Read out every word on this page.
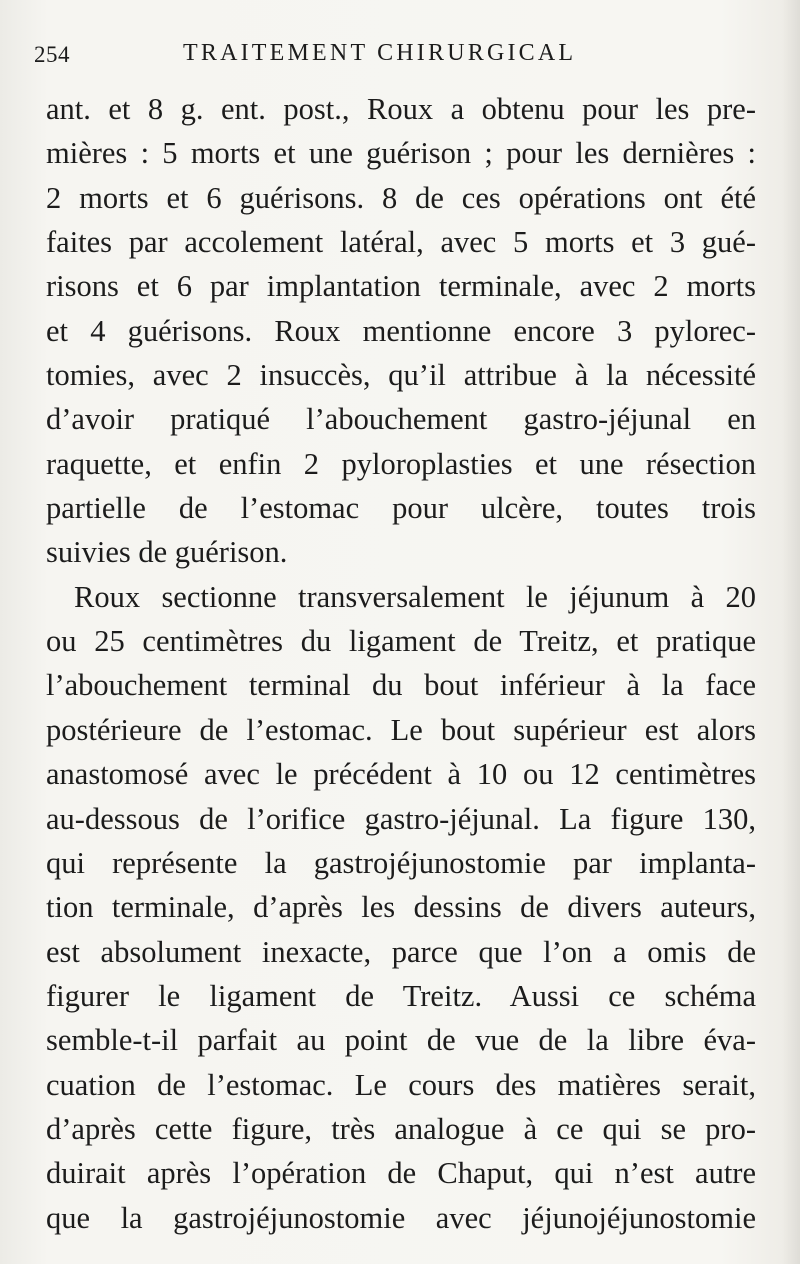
254	TRAITEMENT CHIRURGICAL
ant. et 8 g. ent. post., Roux a obtenu pour les pre-
mières : 5 morts et une guérison ; pour les dernières :
2 morts et 6 guérisons. 8 de ces opérations ont été
faites par accolement latéral, avec 5 morts et 3 gué-
risons et 6 par implantation terminale, avec 2 morts
et 4 guérisons. Roux mentionne encore 3 pylorec-
tomies, avec 2 insuccès, qu’il attribue à la nécessité
d’avoir pratiqué l’abouchement gastro-jéjunal en
raquette, et enfin 2 pyloroplasties et une résection
partielle de l’estomac pour ulcère, toutes trois
suivies de guérison.
Roux sectionne transversalement le jéjunum à 20
ou 25 centimètres du ligament de Treitz, et pratique
l’abouchement terminal du bout inférieur à la face
postérieure de l’estomac. Le bout supérieur est alors
anastomosé avec le précédent à 10 ou 12 centimètres
au-dessous de l’orifice gastro-jéjunal. La figure 130,
qui représente la gastrojéjunostomie par implanta-
tion terminale, d’après les dessins de divers auteurs,
est absolument inexacte, parce que l’on a omis de
figurer le ligament de Treitz. Aussi ce schéma
semble-t-il parfait au point de vue de la libre éva-
cuation de l’estomac. Le cours des matières serait,
d’après cette figure, très analogue à ce qui se pro-
duirait après l’opération de Chaput, qui n’est autre
que la gastrojéjunostomie avec jéjunojéjunostomie
